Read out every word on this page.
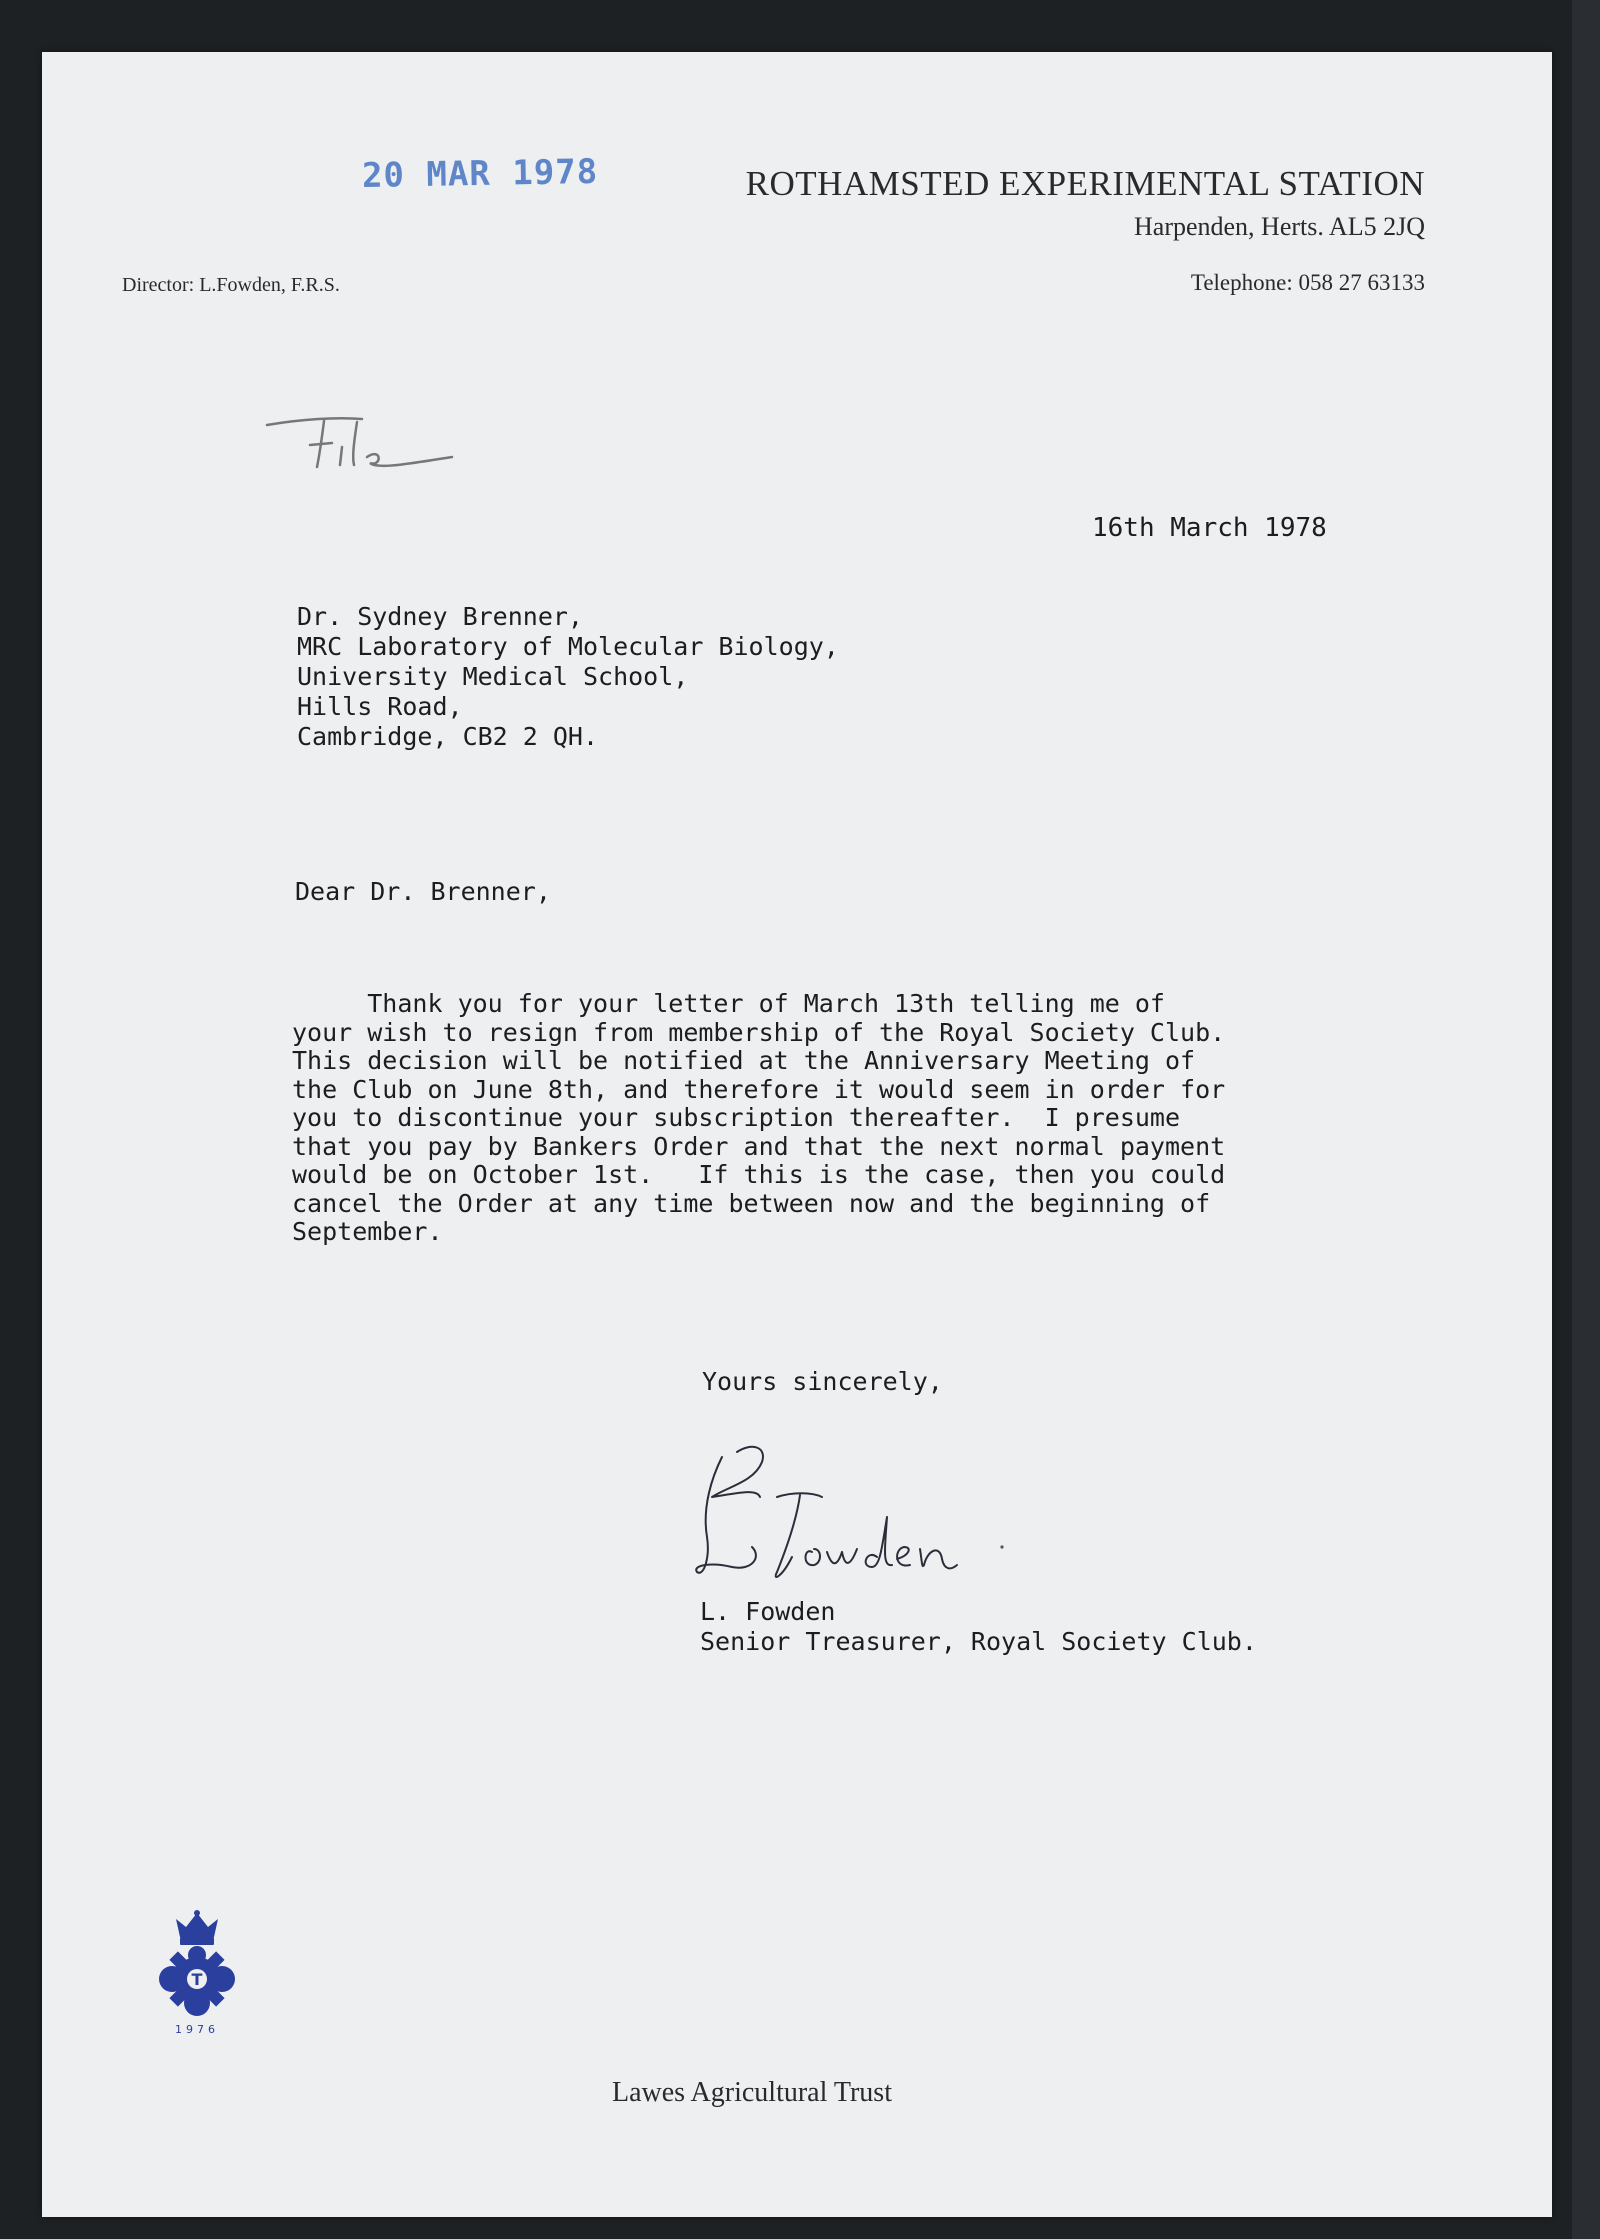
20 MAR 1978	ROTHAMSTED EXPERIMENTAL STATION
Harpenden, Herts. AL5 2JQ
Director: L.Fowden, F.R.S.	Telephone: 058 27 63133
16th March 1978
Dr. Sydney Brenner,
MRC Laboratory of Molecular Biology,
University Medical School,
Hills Road,
Cambridge, CB2 2 QH.
Dear Dr. Brenner,
Thank you for your letter of March 13th telling me of
your wish to resign from membership of the Royal Society Club.
This decision will be notified at the Anniversary Meeting of
the Club on June 8th, and therefore it would seem in order for
you to discontinue your subscription thereafter.  I presume
that you pay by Bankers Order and that the next normal payment
would be on October 1st.   If this is the case, then you could
cancel the Order at any time between now and the beginning of
September.
Yours sincerely,
L. Fowden
Senior Treasurer, Royal Society Club.
T
1976
Lawes Agricultural Trust
